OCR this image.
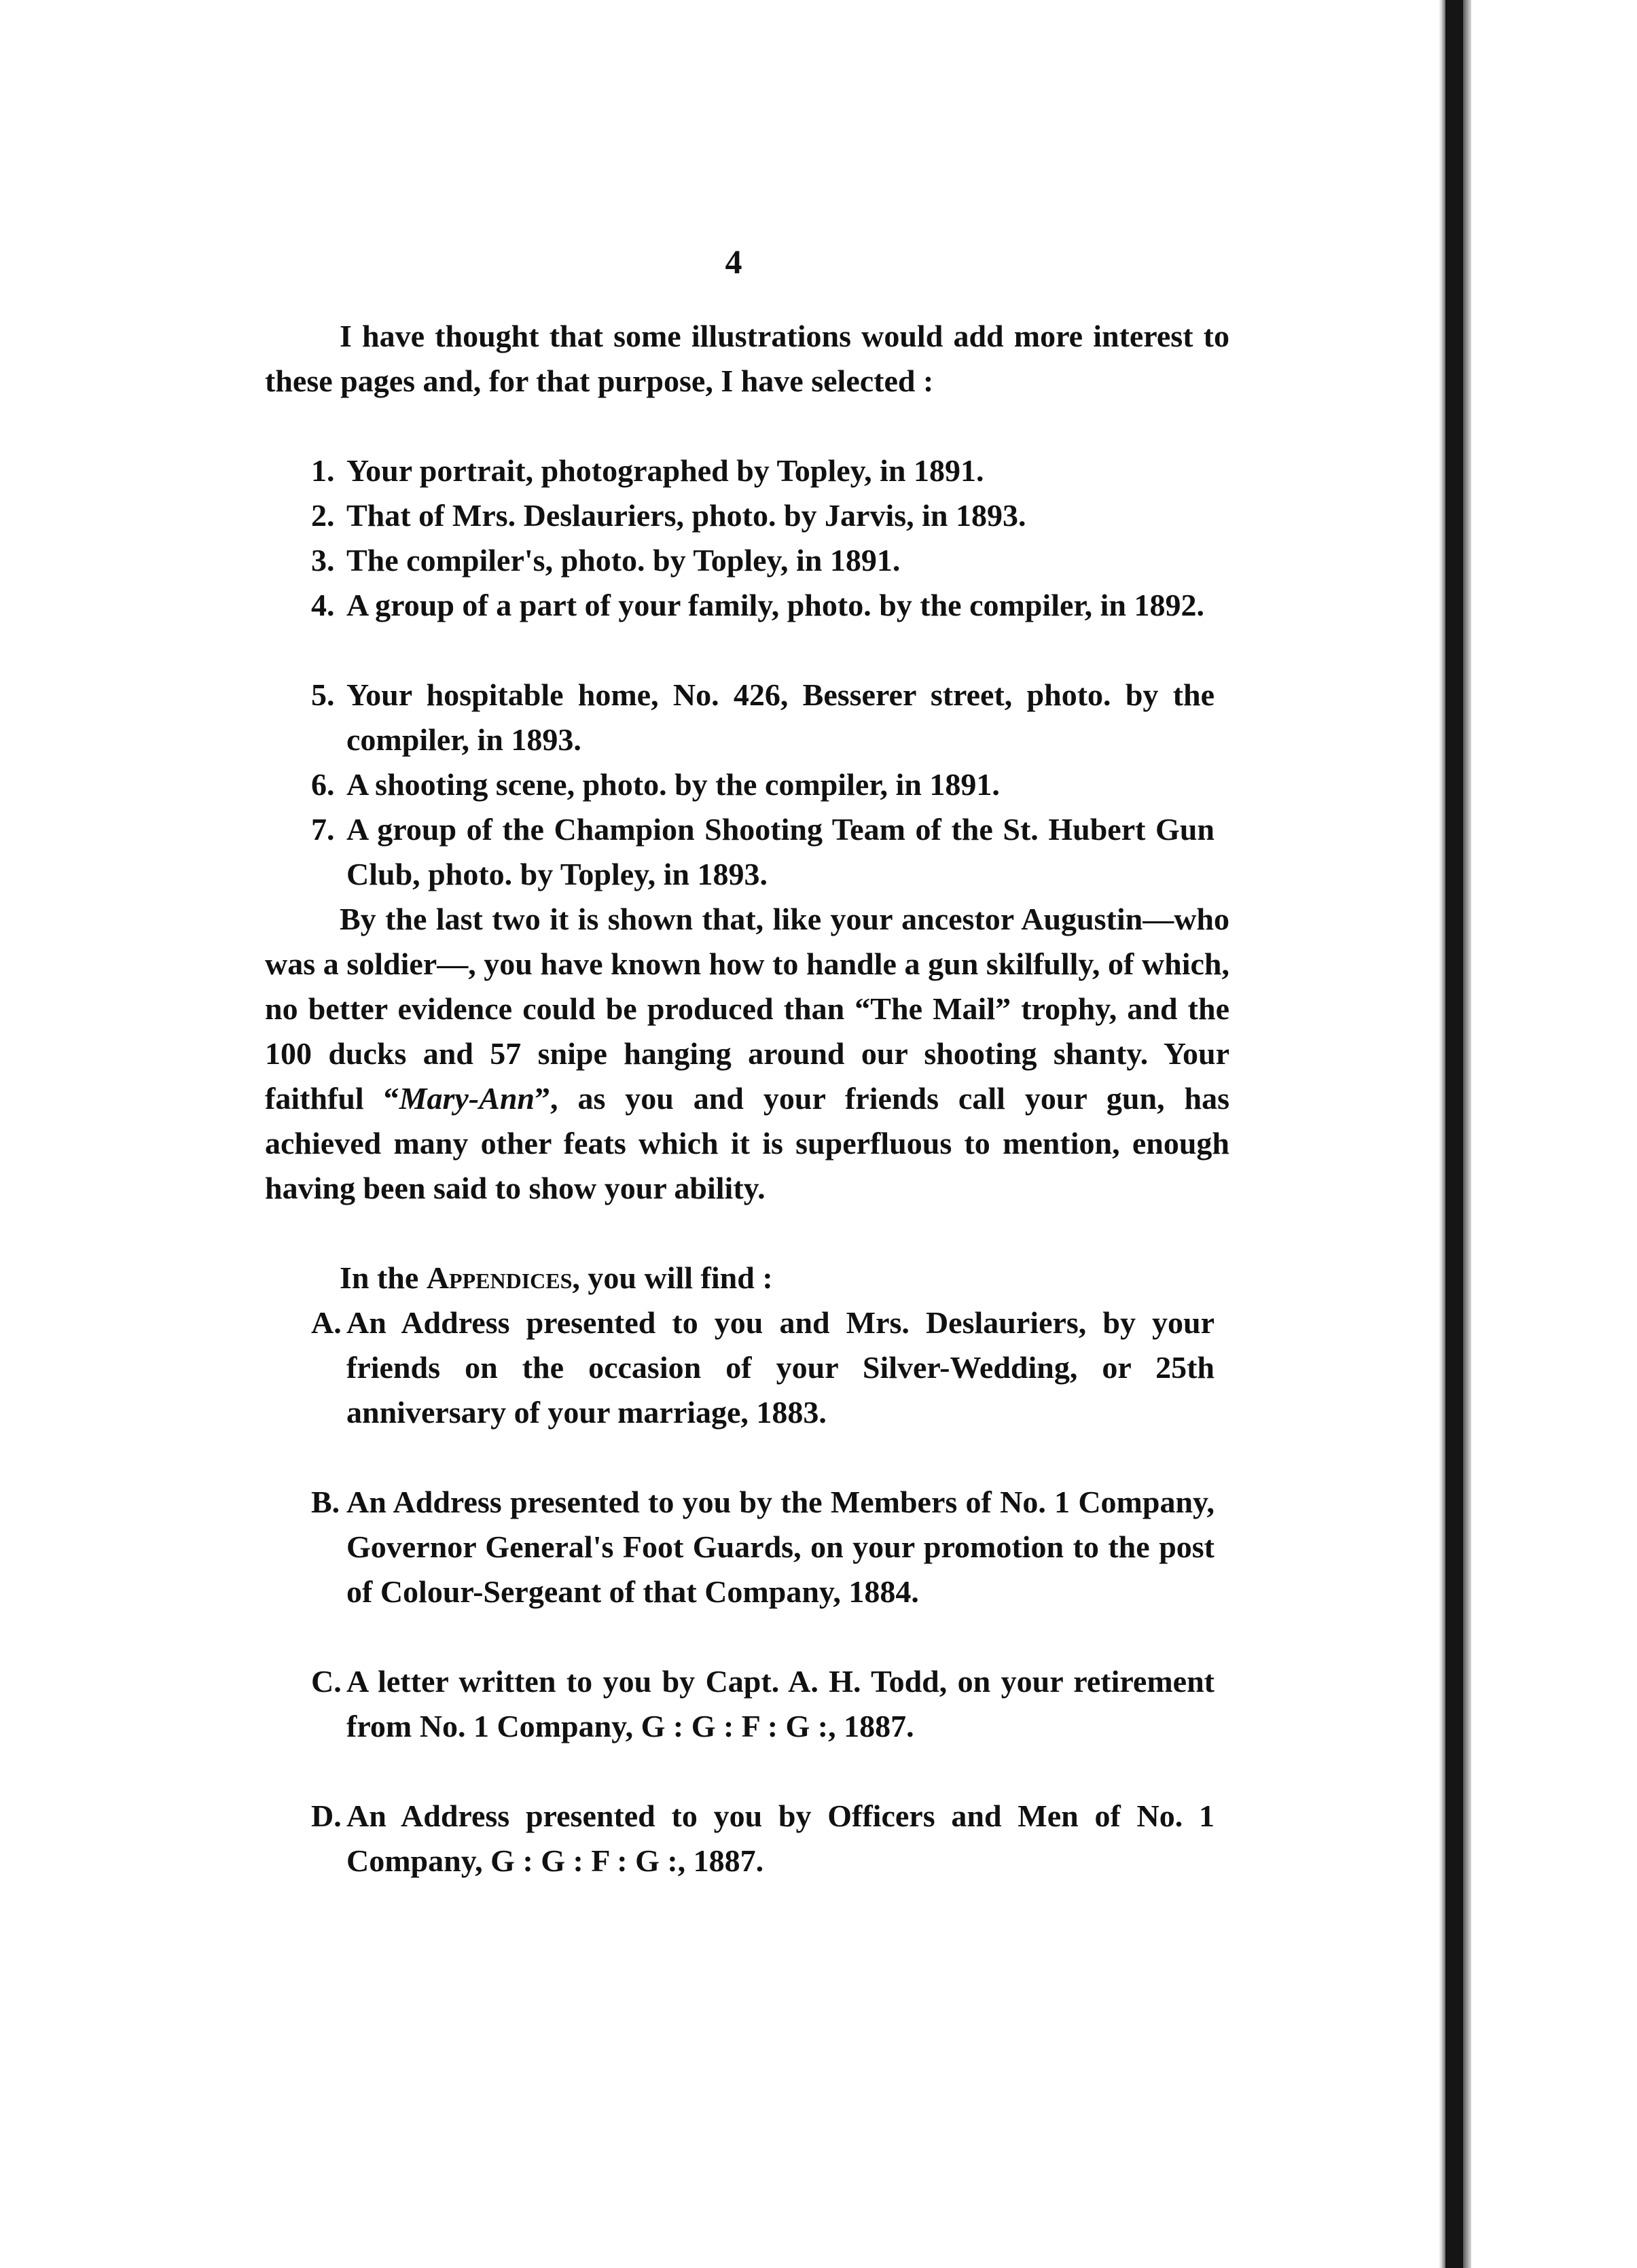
4

I have thought that some illustrations would add more interest to these pages and, for that purpose, I have selected :

1. Your portrait, photographed by Topley, in 1891.
2. That of Mrs. Deslauriers, photo. by Jarvis, in 1893.
3. The compiler's, photo. by Topley, in 1891.
4. A group of a part of your family, photo. by the compiler, in 1892.
5. Your hospitable home, No. 426, Besserer street, photo. by the compiler, in 1893.
6. A shooting scene, photo. by the compiler, in 1891.
7. A group of the Champion Shooting Team of the St. Hubert Gun Club, photo. by Topley, in 1893.

By the last two it is shown that, like your ancestor Augustin—who was a soldier—, you have known how to handle a gun skilfully, of which, no better evidence could be produced than “The Mail” trophy, and the 100 ducks and 57 snipe hanging around our shooting shanty. Your faithful “Mary-Ann”, as you and your friends call your gun, has achieved many other feats which it is superfluous to mention, enough having been said to show your ability.

In the Appendices, you will find :

A. An Address presented to you and Mrs. Deslauriers, by your friends on the occasion of your Silver-Wedding, or 25th anniversary of your marriage, 1883.
B. An Address presented to you by the Members of No. 1 Company, Governor General's Foot Guards, on your promotion to the post of Colour-Sergeant of that Company, 1884.
C. A letter written to you by Capt. A. H. Todd, on your retirement from No. 1 Company, G : G : F : G :, 1887.
D. An Address presented to you by Officers and Men of No. 1 Company, G : G : F : G :, 1887.
